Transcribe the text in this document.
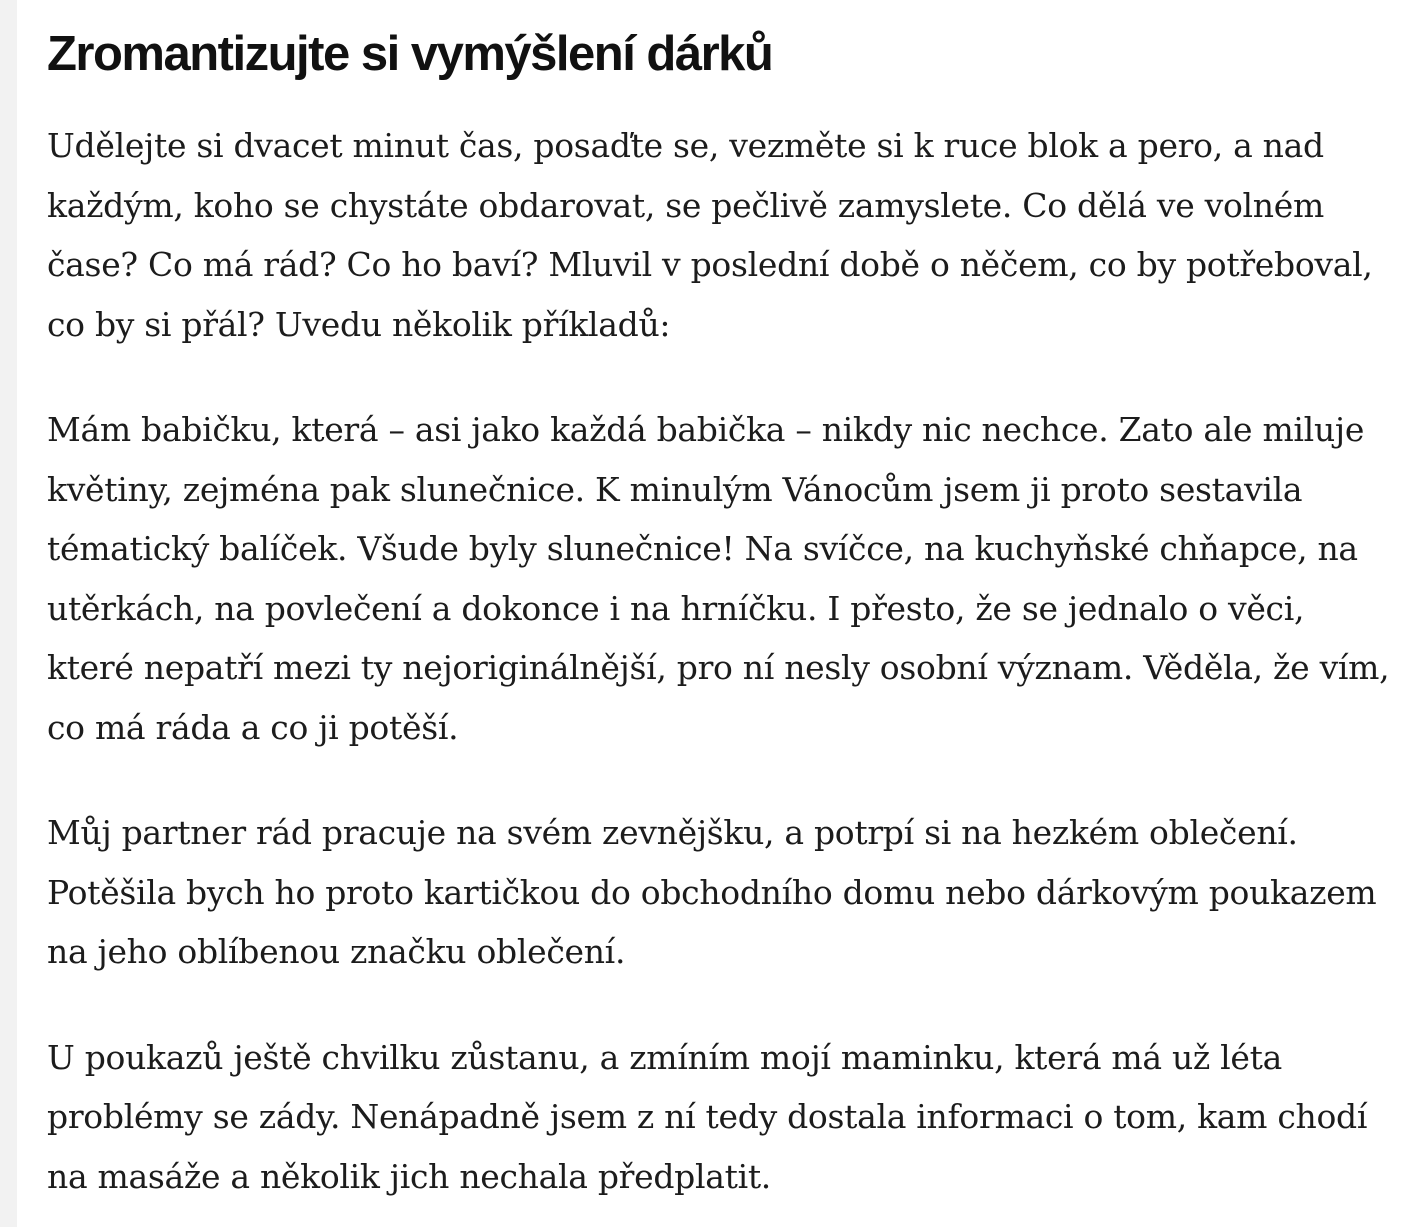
Zromantizujte si vymýšlení dárků

Udělejte si dvacet minut čas, posaďte se, vezměte si k ruce blok a pero, a nad každým, koho se chystáte obdarovat, se pečlivě zamyslete. Co dělá ve volném čase? Co má rád? Co ho baví? Mluvil v poslední době o něčem, co by potřeboval, co by si přál? Uvedu několik příkladů:

Mám babičku, která – asi jako každá babička – nikdy nic nechce. Zato ale miluje květiny, zejména pak slunečnice. K minulým Vánocům jsem ji proto sestavila tématický balíček. Všude byly slunečnice! Na svíčce, na kuchyňské chňapce, na utěrkách, na povlečení a dokonce i na hrníčku. I přesto, že se jednalo o věci, které nepatří mezi ty nejoriginálnější, pro ní nesly osobní význam. Věděla, že vím, co má ráda a co ji potěší.

Můj partner rád pracuje na svém zevnějšku, a potrpí si na hezkém oblečení. Potěšila bych ho proto kartičkou do obchodního domu nebo dárkovým poukazem na jeho oblíbenou značku oblečení.

U poukazů ještě chvilku zůstanu, a zmíním mojí maminku, která má už léta problémy se zády. Nenápadně jsem z ní tedy dostala informaci o tom, kam chodí na masáže a několik jich nechala předplatit.
